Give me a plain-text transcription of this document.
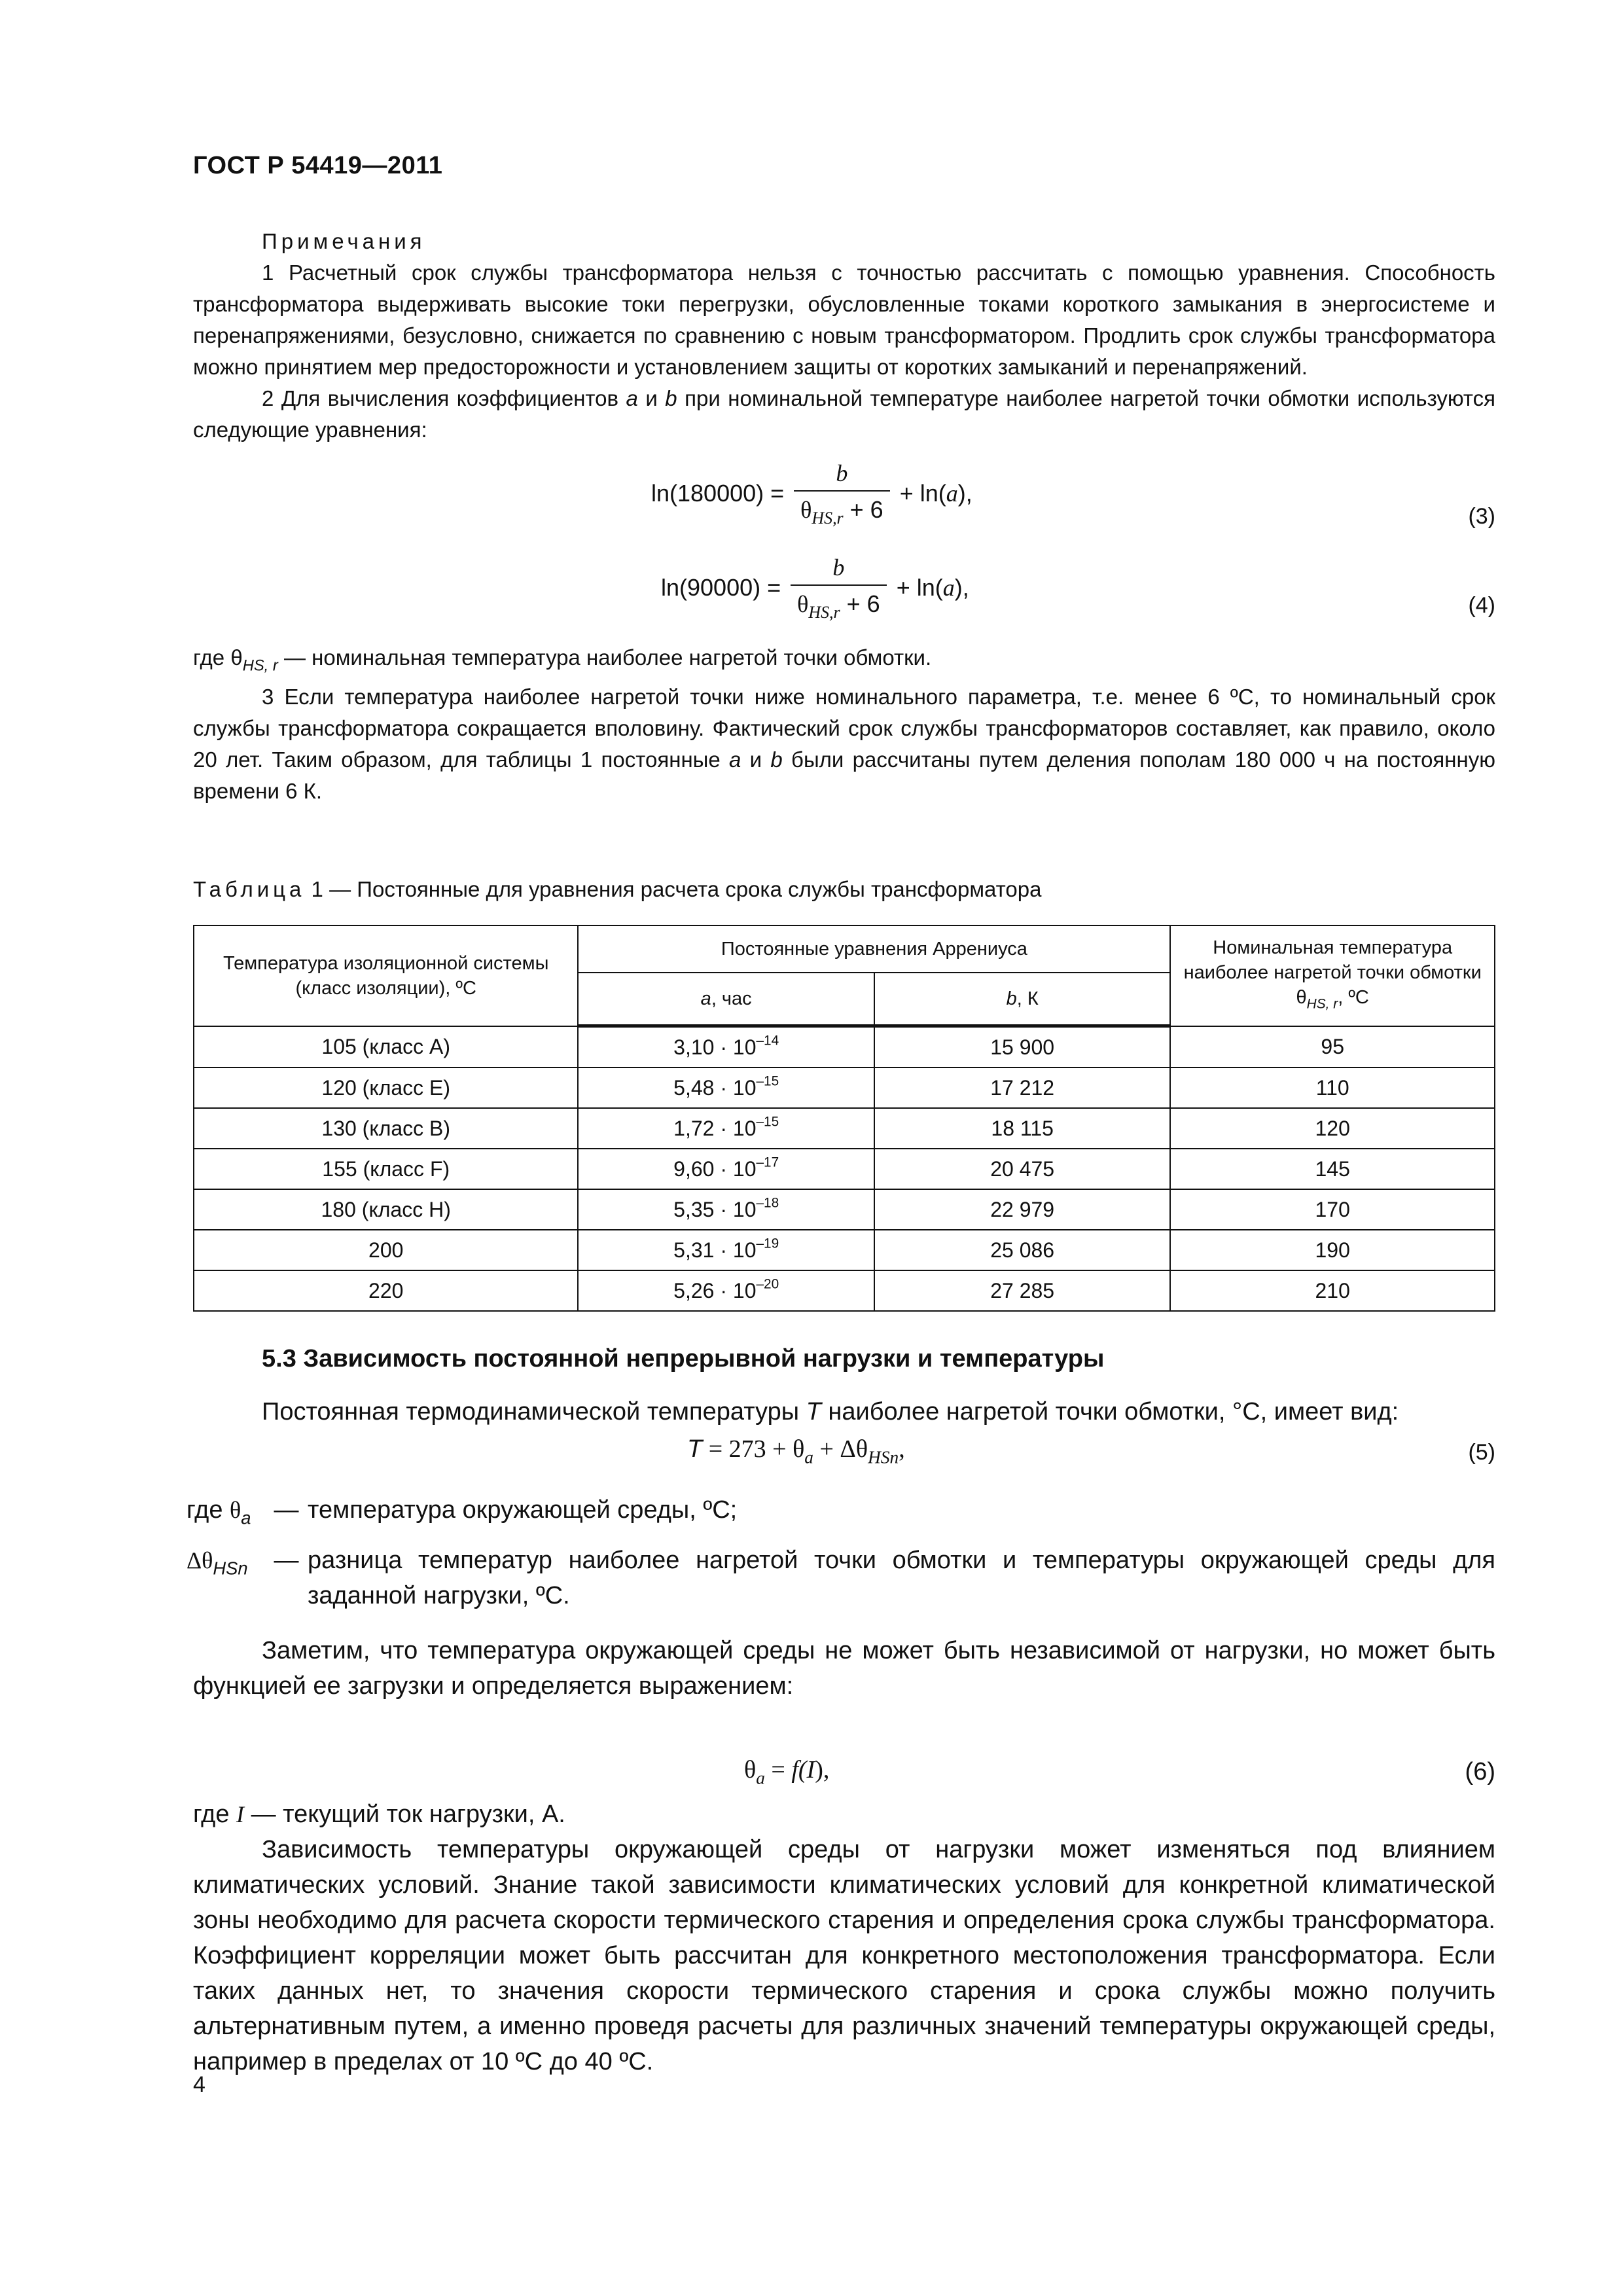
ГОСТ Р 54419—2011

Примечания

1 Расчетный срок службы трансформатора нельзя с точностью рассчитать с помощью уравнения. Способность трансформатора выдерживать высокие токи перегрузки, обусловленные токами короткого замыкания в энергосистеме и перенапряжениями, безусловно, снижается по сравнению с новым трансформатором. Продлить срок службы трансформатора можно принятием мер предосторожности и установлением защиты от коротких замыканий и перенапряжений.

2 Для вычисления коэффициентов a и b при номинальной температуре наиболее нагретой точки обмотки используются следующие уравнения:

$\ln(180000) = \frac{b}{\theta_{HS,r} + 6} + \ln(a)$,
(3)
$\ln(90000) = \frac{b}{\theta_{HS,r} + 6} + \ln(a)$,
(4)

где $\theta_{HS, r}$ — номинальная температура наиболее нагретой точки обмотки.

3 Если температура наиболее нагретой точки ниже номинального параметра, т.е. менее 6 ºС, то номинальный срок службы трансформатора сокращается вполовину. Фактический срок службы трансформаторов составляет, как правило, около 20 лет. Таким образом, для таблицы 1 постоянные a и b были рассчитаны путем деления пополам 180 000 ч на постоянную времени 6 К.

Таблица 1 — Постоянные для уравнения расчета срока службы трансформатора
Температура изоляционной системы (класс изоляции), ºС	Постоянные уравнения Аррениуса		Номинальная температура наиболее нагретой точки обмотки $\theta_{HS, r}$, ºС
	a, час	b, К	
105 (класс А)	$3,10 \cdot 10^{-14}$	15 900	95
120 (класс Е)	$5,48 \cdot 10^{-15}$	17 212	110
130 (класс В)	$1,72 \cdot 10^{-15}$	18 115	120
155 (класс F)	$9,60 \cdot 10^{-17}$	20 475	145
180 (класс Н)	$5,35 \cdot 10^{-18}$	22 979	170
200	$5,31 \cdot 10^{-19}$	25 086	190
220	$5,26 \cdot 10^{-20}$	27 285	210
5.3 Зависимость постоянной непрерывной нагрузки и температуры

Постоянная термодинамической температуры T наиболее нагретой точки обмотки, °С, имеет вид:

$T = 273 + \theta_a + \Delta\theta_{HSn}$,	(5)
где $\theta_a$	—	температура окружающей среды, ºС;
$\Delta\theta_{HSn}$	—	разница температур наиболее нагретой точки обмотки и температуры окружающей среды для заданной нагрузки, ºС.

Заметим, что температура окружающей среды не может быть независимой от нагрузки, но может быть функцией ее загрузки и определяется выражением:

$\theta_a = f(I)$,	(6)

где I — текущий ток нагрузки, А.

Зависимость температуры окружающей среды от нагрузки может изменяться под влиянием климатических условий. Знание такой зависимости климатических условий для конкретной климатической зоны необходимо для расчета скорости термического старения и определения срока службы трансформатора. Коэффициент корреляции может быть рассчитан для конкретного местоположения трансформатора. Если таких данных нет, то значения скорости термического старения и срока службы можно получить альтернативным путем, а именно проведя расчеты для различных значений температуры окружающей среды, например в пределах от 10 ºС до 40 ºС.

4
